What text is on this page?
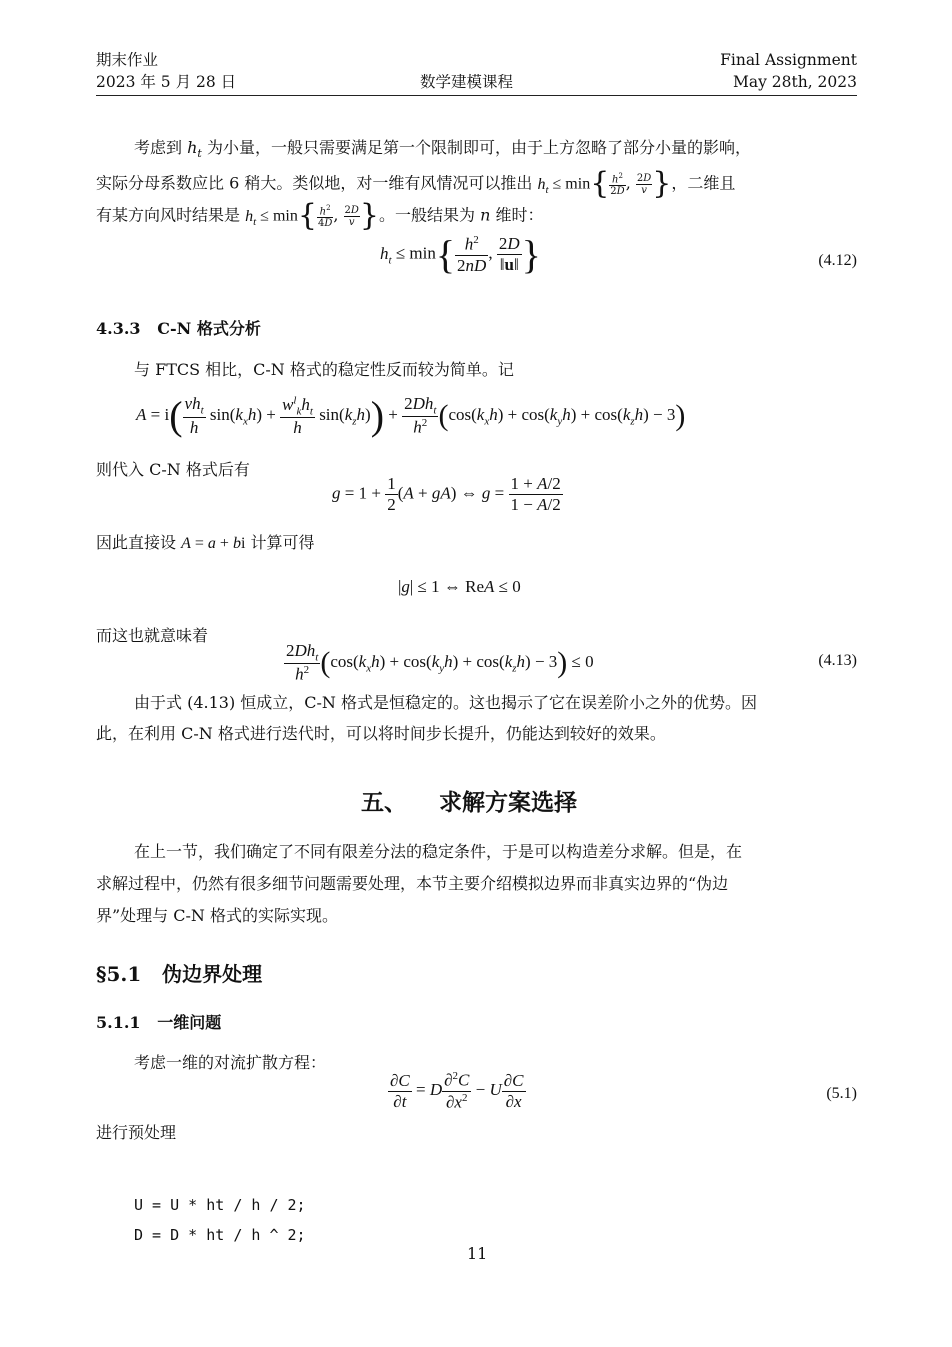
期末作业
2023 年 5 月 28 日	数学建模课程
Final Assignment
May 28th, 2023
考虑到 $h_t$ 为小量，一般只需要满足第一个限制即可，由于上方忽略了部分小量的影响，
实际分母系数应比 6 稍大。类似地，对一维有风情况可以推出 $h_t \le \min\{ \frac{h^2}{2D}$ , $\frac{2D}{v}$ }，二维且
有某方向风时结果是 $h_t \le \min\{ \frac{h^2}{4D}$ , $\frac{2D}{v}$ }。一般结果为 n 维时：
$h_t \le \min\{ \frac{h^2}{2nD}$ , $\frac{2D}{‖u‖}$ }	(4.12)
4.3.3 C-N 格式分析
与 FTCS 相比，C-N 格式的稳定性反而较为简单。记
$A = i( \frac{vh_t}{h} \sin(k_xh) + \frac{w^l_kh_t}{h} \sin(k_zh)) + \frac{2Dh_t}{h^2} (\cos(k_xh) + \cos(k_yh) + \cos(k_zh) - 3)$
则代入 C-N 格式后有
$g = 1 + \frac{1}{2} (A + gA)$ ⇔ $g = \frac{1 + A/2}{1 - A/2}$
因此直接设 A = a + bi 计算可得
|g| ≤ 1 ⇔ ReA ≤ 0
而这也就意味着
$\frac{2Dh_t}{h^2} (\cos(k_xh) + \cos(k_yh) + \cos(k_zh) - 3) \le 0$	(4.13)
由于式 (4.13) 恒成立，C-N 格式是恒稳定的。这也揭示了它在误差阶小之外的优势。因
此，在利用 C-N 格式进行迭代时，可以将时间步长提升，仍能达到较好的效果。
五、 求解方案选择
在上一节，我们确定了不同有限差分法的稳定条件，于是可以构造差分求解。但是，在
求解过程中，仍然有很多细节问题需要处理，本节主要介绍模拟边界而非真实边界的“伪边
界”处理与 C-N 格式的实际实现。
§5.1 伪边界处理
5.1.1 一维问题
考虑一维的对流扩散方程：
$\frac{\partial C}{\partial t} = D \frac{\partial^2C}{\partial x^2} - U \frac{\partial C}{\partial x}$	(5.1)
进行预处理

U = U * ht / h / 2;
D = D * ht / h ^ 2;
11
